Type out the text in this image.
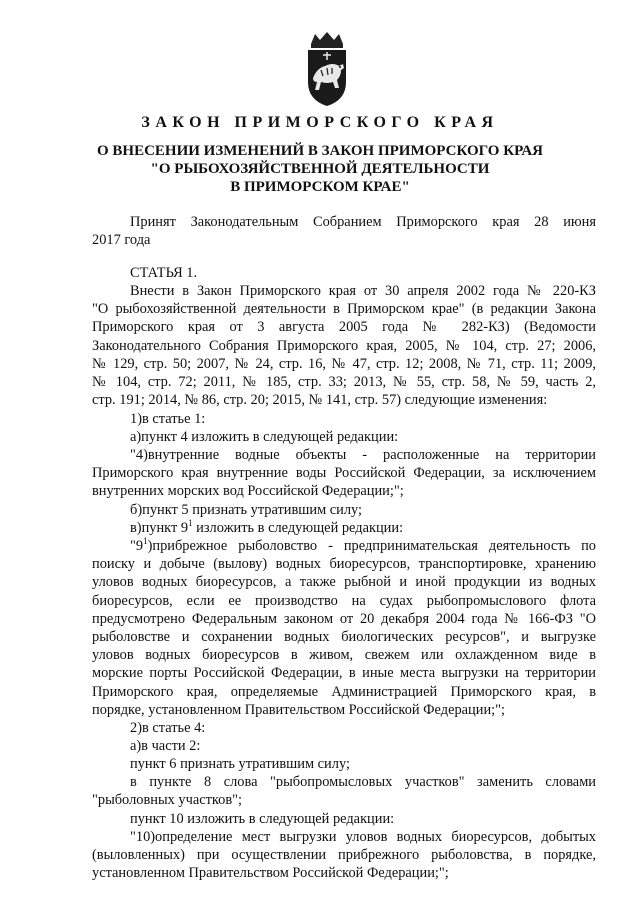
ЗАКОН ПРИМОРСКОГО КРАЯ
О ВНЕСЕНИИ ИЗМЕНЕНИЙ В ЗАКОН ПРИМОРСКОГО КРАЯ
"О РЫБОХОЗЯЙСТВЕННОЙ ДЕЯТЕЛЬНОСТИ
В ПРИМОРСКОМ КРАЕ"
Принят Законодательным Собранием Приморского края 28 июня
2017 года
СТАТЬЯ 1.
Внести в Закон Приморского края от 30 апреля 2002 года № 220-КЗ
"О рыбохозяйственной деятельности в Приморском крае" (в редакции Закона
Приморского края от 3 августа 2005 года № 282-КЗ) (Ведомости
Законодательного Собрания Приморского края, 2005, № 104, стр. 27; 2006,
№ 129, стр. 50; 2007, № 24, стр. 16, № 47, стр. 12; 2008, № 71, стр. 11; 2009,
№ 104, стр. 72; 2011, № 185, стр. 33; 2013, № 55, стр. 58, № 59, часть 2,
стр. 191; 2014, № 86, стр. 20; 2015, № 141, стр. 57) следующие изменения:
1)в статье 1:
а)пункт 4 изложить в следующей редакции:
"4)внутренние водные объекты - расположенные на территории
Приморского края внутренние воды Российской Федерации, за исключением
внутренних морских вод Российской Федерации;";
б)пункт 5 признать утратившим силу;
в)пункт $9^1$ изложить в следующей редакции:
"$9^1)прибрежное$ рыболовство - предпринимательская деятельность по
поиску и добыче (вылову) водных биоресурсов, транспортировке, хранению
уловов водных биоресурсов, а также рыбной и иной продукции из водных
биоресурсов, если ее производство на судах рыбопромыслового флота
предусмотрено Федеральным законом от 20 декабря 2004 года № 166-ФЗ "О
рыболовстве и сохранении водных биологических ресурсов", и выгрузке
уловов водных биоресурсов в живом, свежем или охлажденном виде в
морские порты Российской Федерации, в иные места выгрузки на территории
Приморского края, определяемые Администрацией Приморского края, в
порядке, установленном Правительством Российской Федерации;";
2)в статье 4:
а)в части 2:
пункт 6 признать утратившим силу;
в пункте 8 слова "рыбопромысловых участков" заменить словами
"рыболовных участков";
пункт 10 изложить в следующей редакции:
"10)определение мест выгрузки уловов водных биоресурсов, добытых
(выловленных) при осуществлении прибрежного рыболовства, в порядке,
установленном Правительством Российской Федерации;";
